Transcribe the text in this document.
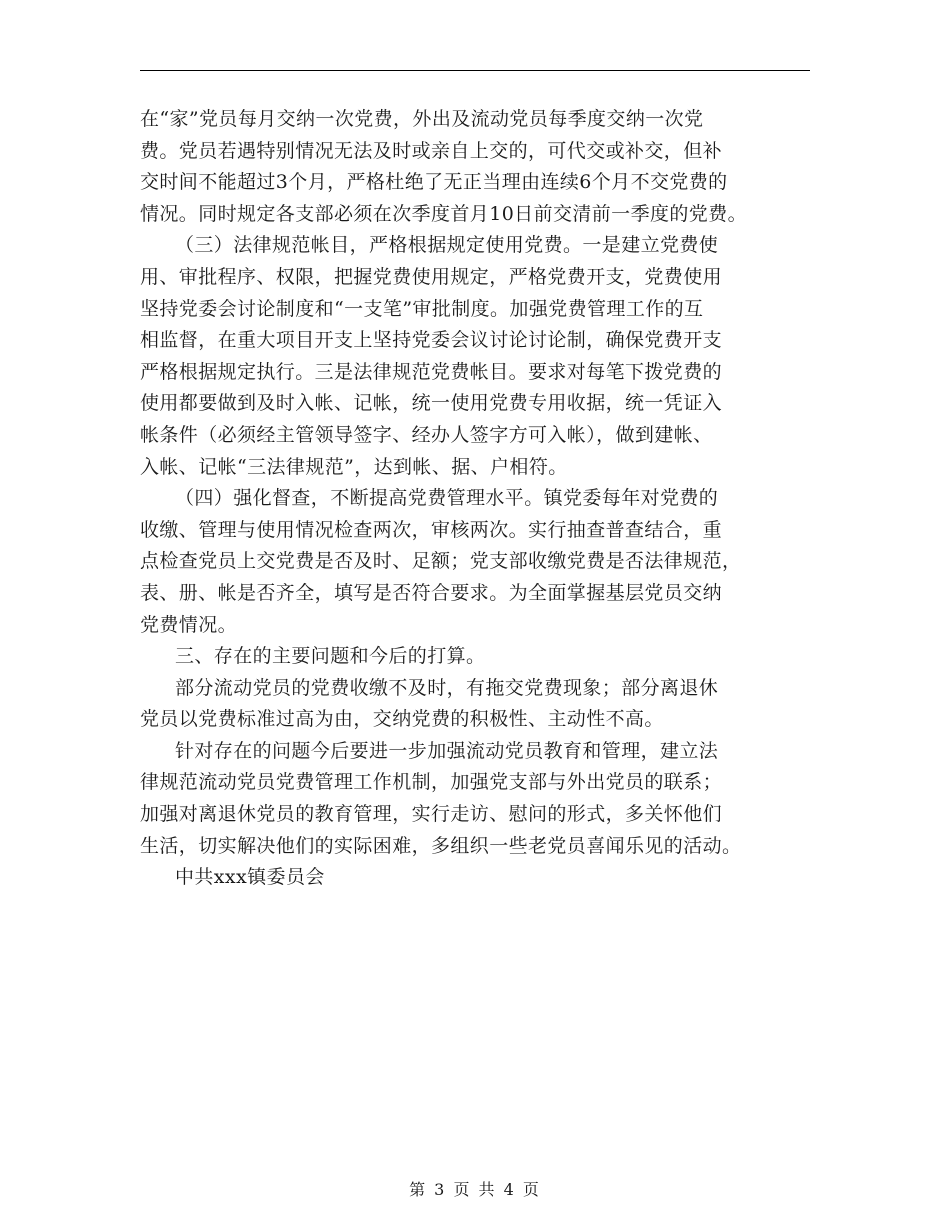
在“家”党员每月交纳一次党费，外出及流动党员每季度交纳一次党
费。党员若遇特别情况无法及时或亲自上交的，可代交或补交，但补
交时间不能超过3个月，严格杜绝了无正当理由连续6个月不交党费的
情况。同时规定各支部必须在次季度首月10日前交清前一季度的党费。
（三）法律规范帐目，严格根据规定使用党费。一是建立党费使
用、审批程序、权限，把握党费使用规定，严格党费开支，党费使用
坚持党委会讨论制度和“一支笔”审批制度。加强党费管理工作的互
相监督，在重大项目开支上坚持党委会议讨论讨论制，确保党费开支
严格根据规定执行。三是法律规范党费帐目。要求对每笔下拨党费的
使用都要做到及时入帐、记帐，统一使用党费专用收据，统一凭证入
帐条件（必须经主管领导签字、经办人签字方可入帐），做到建帐、
入帐、记帐“三法律规范”，达到帐、据、户相符。
（四）强化督查，不断提高党费管理水平。镇党委每年对党费的
收缴、管理与使用情况检查两次，审核两次。实行抽查普查结合，重
点检查党员上交党费是否及时、足额；党支部收缴党费是否法律规范，
表、册、帐是否齐全，填写是否符合要求。为全面掌握基层党员交纳
党费情况。
三、存在的主要问题和今后的打算。
部分流动党员的党费收缴不及时，有拖交党费现象；部分离退休
党员以党费标准过高为由，交纳党费的积极性、主动性不高。
针对存在的问题今后要进一步加强流动党员教育和管理，建立法
律规范流动党员党费管理工作机制，加强党支部与外出党员的联系；
加强对离退休党员的教育管理，实行走访、慰问的形式，多关怀他们
生活，切实解决他们的实际困难，多组织一些老党员喜闻乐见的活动。
中共xxx镇委员会
第 3 页 共 4 页
